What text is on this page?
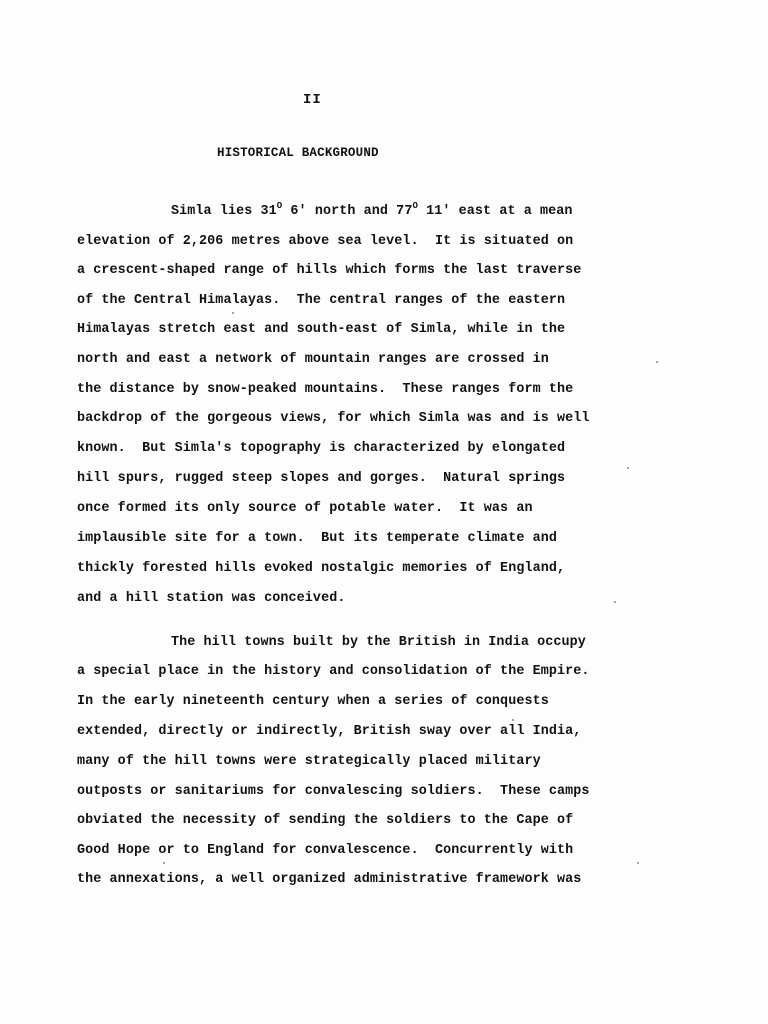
II
HISTORICAL BACKGROUND
Simla lies $31^O$ 6' north and $77^O$ 11' east at a mean
elevation of 2,206 metres above sea level.  It is situated on
a crescent-shaped range of hills which forms the last traverse
of the Central Himalayas.  The central ranges of the eastern
Himalayas stretch east and south-east of Simla, while in the
north and east a network of mountain ranges are crossed in
the distance by snow-peaked mountains.  These ranges form the
backdrop of the gorgeous views, for which Simla was and is well
known.  But Simla's topography is characterized by elongated
hill spurs, rugged steep slopes and gorges.  Natural springs
once formed its only source of potable water.  It was an
implausible site for a town.  But its temperate climate and
thickly forested hills evoked nostalgic memories of England,
and a hill station was conceived.
The hill towns built by the British in India occupy
a special place in the history and consolidation of the Empire.
In the early nineteenth century when a series of conquests
extended, directly or indirectly, British sway over all India,
many of the hill towns were strategically placed military
outposts or sanitariums for convalescing soldiers.  These camps
obviated the necessity of sending the soldiers to the Cape of
Good Hope or to England for convalescence.  Concurrently with
the annexations, a well organized administrative framework was
